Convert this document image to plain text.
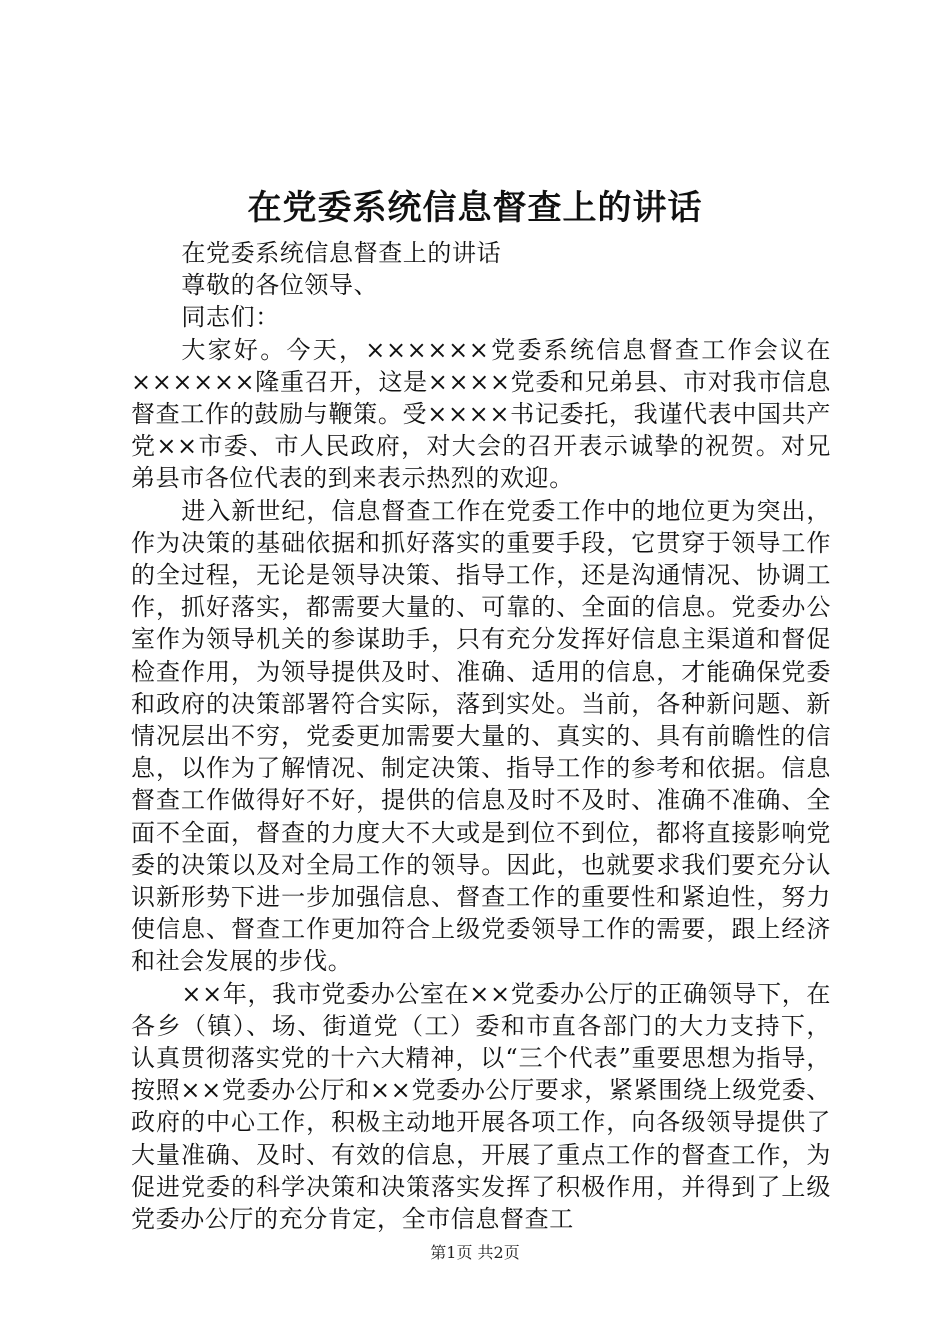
在党委系统信息督查上的讲话

在党委系统信息督查上的讲话

尊敬的各位领导、

同志们：

大家好。今天，××××××党委系统信息督查工作会议在××××××隆重召开，这是××××党委和兄弟县、市对我市信息督查工作的鼓励与鞭策。受××××书记委托，我谨代表中国共产党××市委、市人民政府，对大会的召开表示诚挚的祝贺。对兄弟县市各位代表的到来表示热烈的欢迎。

进入新世纪，信息督查工作在党委工作中的地位更为突出，作为决策的基础依据和抓好落实的重要手段，它贯穿于领导工作的全过程，无论是领导决策、指导工作，还是沟通情况、协调工作，抓好落实，都需要大量的、可靠的、全面的信息。党委办公室作为领导机关的参谋助手，只有充分发挥好信息主渠道和督促检查作用，为领导提供及时、准确、适用的信息，才能确保党委和政府的决策部署符合实际，落到实处。当前，各种新问题、新情况层出不穷，党委更加需要大量的、真实的、具有前瞻性的信息，以作为了解情况、制定决策、指导工作的参考和依据。信息督查工作做得好不好，提供的信息及时不及时、准确不准确、全面不全面，督查的力度大不大或是到位不到位，都将直接影响党委的决策以及对全局工作的领导。因此，也就要求我们要充分认识新形势下进一步加强信息、督查工作的重要性和紧迫性，努力使信息、督查工作更加符合上级党委领导工作的需要，跟上经济和社会发展的步伐。

××年，我市党委办公室在××党委办公厅的正确领导下，在各乡（镇）、场、街道党（工）委和市直各部门的大力支持下，认真贯彻落实党的十六大精神，以“三个代表”重要思想为指导，按照××党委办公厅和××党委办公厅要求，紧紧围绕上级党委、政府的中心工作，积极主动地开展各项工作，向各级领导提供了大量准确、及时、有效的信息，开展了重点工作的督查工作，为促进党委的科学决策和决策落实发挥了积极作用，并得到了上级党委办公厅的充分肯定，全市信息督查工

第1页 共2页
